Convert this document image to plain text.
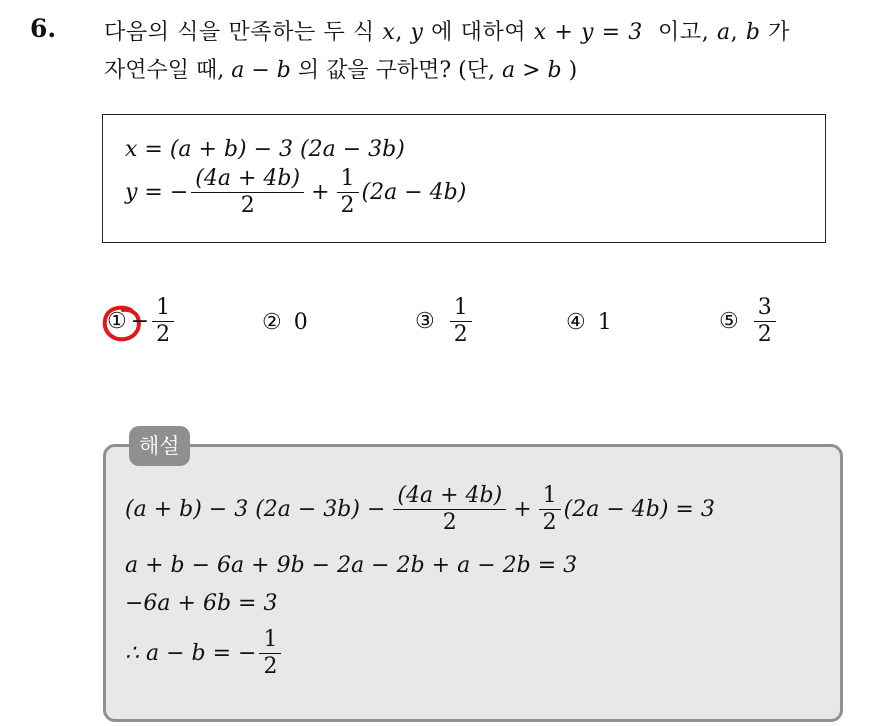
6. 다음의 식을 만족하는 두 식 x, y 에 대하여 x + y = 3  이고, a, b 가
자연수일 때, a − b 의 값을 구하면? (단, a > b )
x = (a + b) − 3 (2a − 3b)
y = − $\frac{(4a + 4b)}{2} + \frac{1}{2} (2a - 4b)$
① − $\frac{1}{2}$	② 0	③ $\frac{1}{2}$	④ 1	⑤ $\frac{3}{2}$
해설
(a + b) − 3 $(2a - 3b) - \frac{(4a + 4b)}{2} + \frac{1}{2} (2a - 4b) = 3$
a + b − 6a + 9b − 2a − 2b + a − 2b = 3
−6a + 6b = 3
∴ a − b = − $\frac{1}{2}$
